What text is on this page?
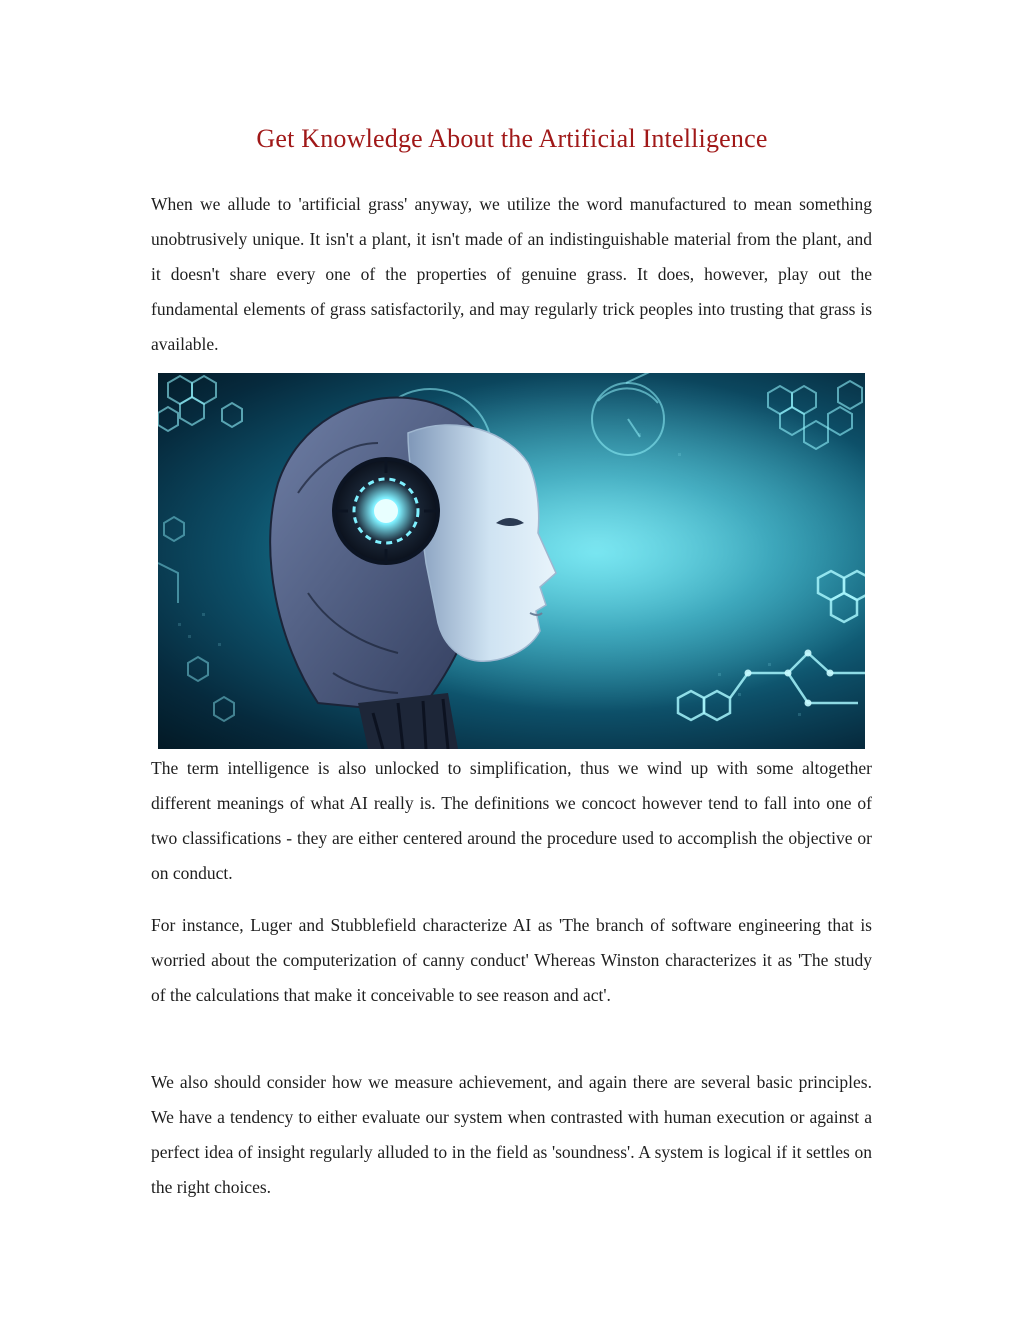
Get Knowledge About the Artificial Intelligence

When we allude to 'artificial grass' anyway, we utilize the word manufactured to mean something unobtrusively unique. It isn't a plant, it isn't made of an indistinguishable material from the plant, and it doesn't share every one of the properties of genuine grass. It does, however, play out the fundamental elements of grass satisfactorily, and may regularly trick peoples into trusting that grass is available.

The term intelligence is also unlocked to simplification, thus we wind up with some altogether different meanings of what AI really is. The definitions we concoct however tend to fall into one of two classifications - they are either centered around the procedure used to accomplish the objective or on conduct.

For instance, Luger and Stubblefield characterize AI as 'The branch of software engineering that is worried about the computerization of canny conduct' Whereas Winston characterizes it as 'The study of the calculations that make it conceivable to see reason and act'.

We also should consider how we measure achievement, and again there are several basic principles. We have a tendency to either evaluate our system when contrasted with human execution or against a perfect idea of insight regularly alluded to in the field as 'soundness'. A system is logical if it settles on the right choices.
